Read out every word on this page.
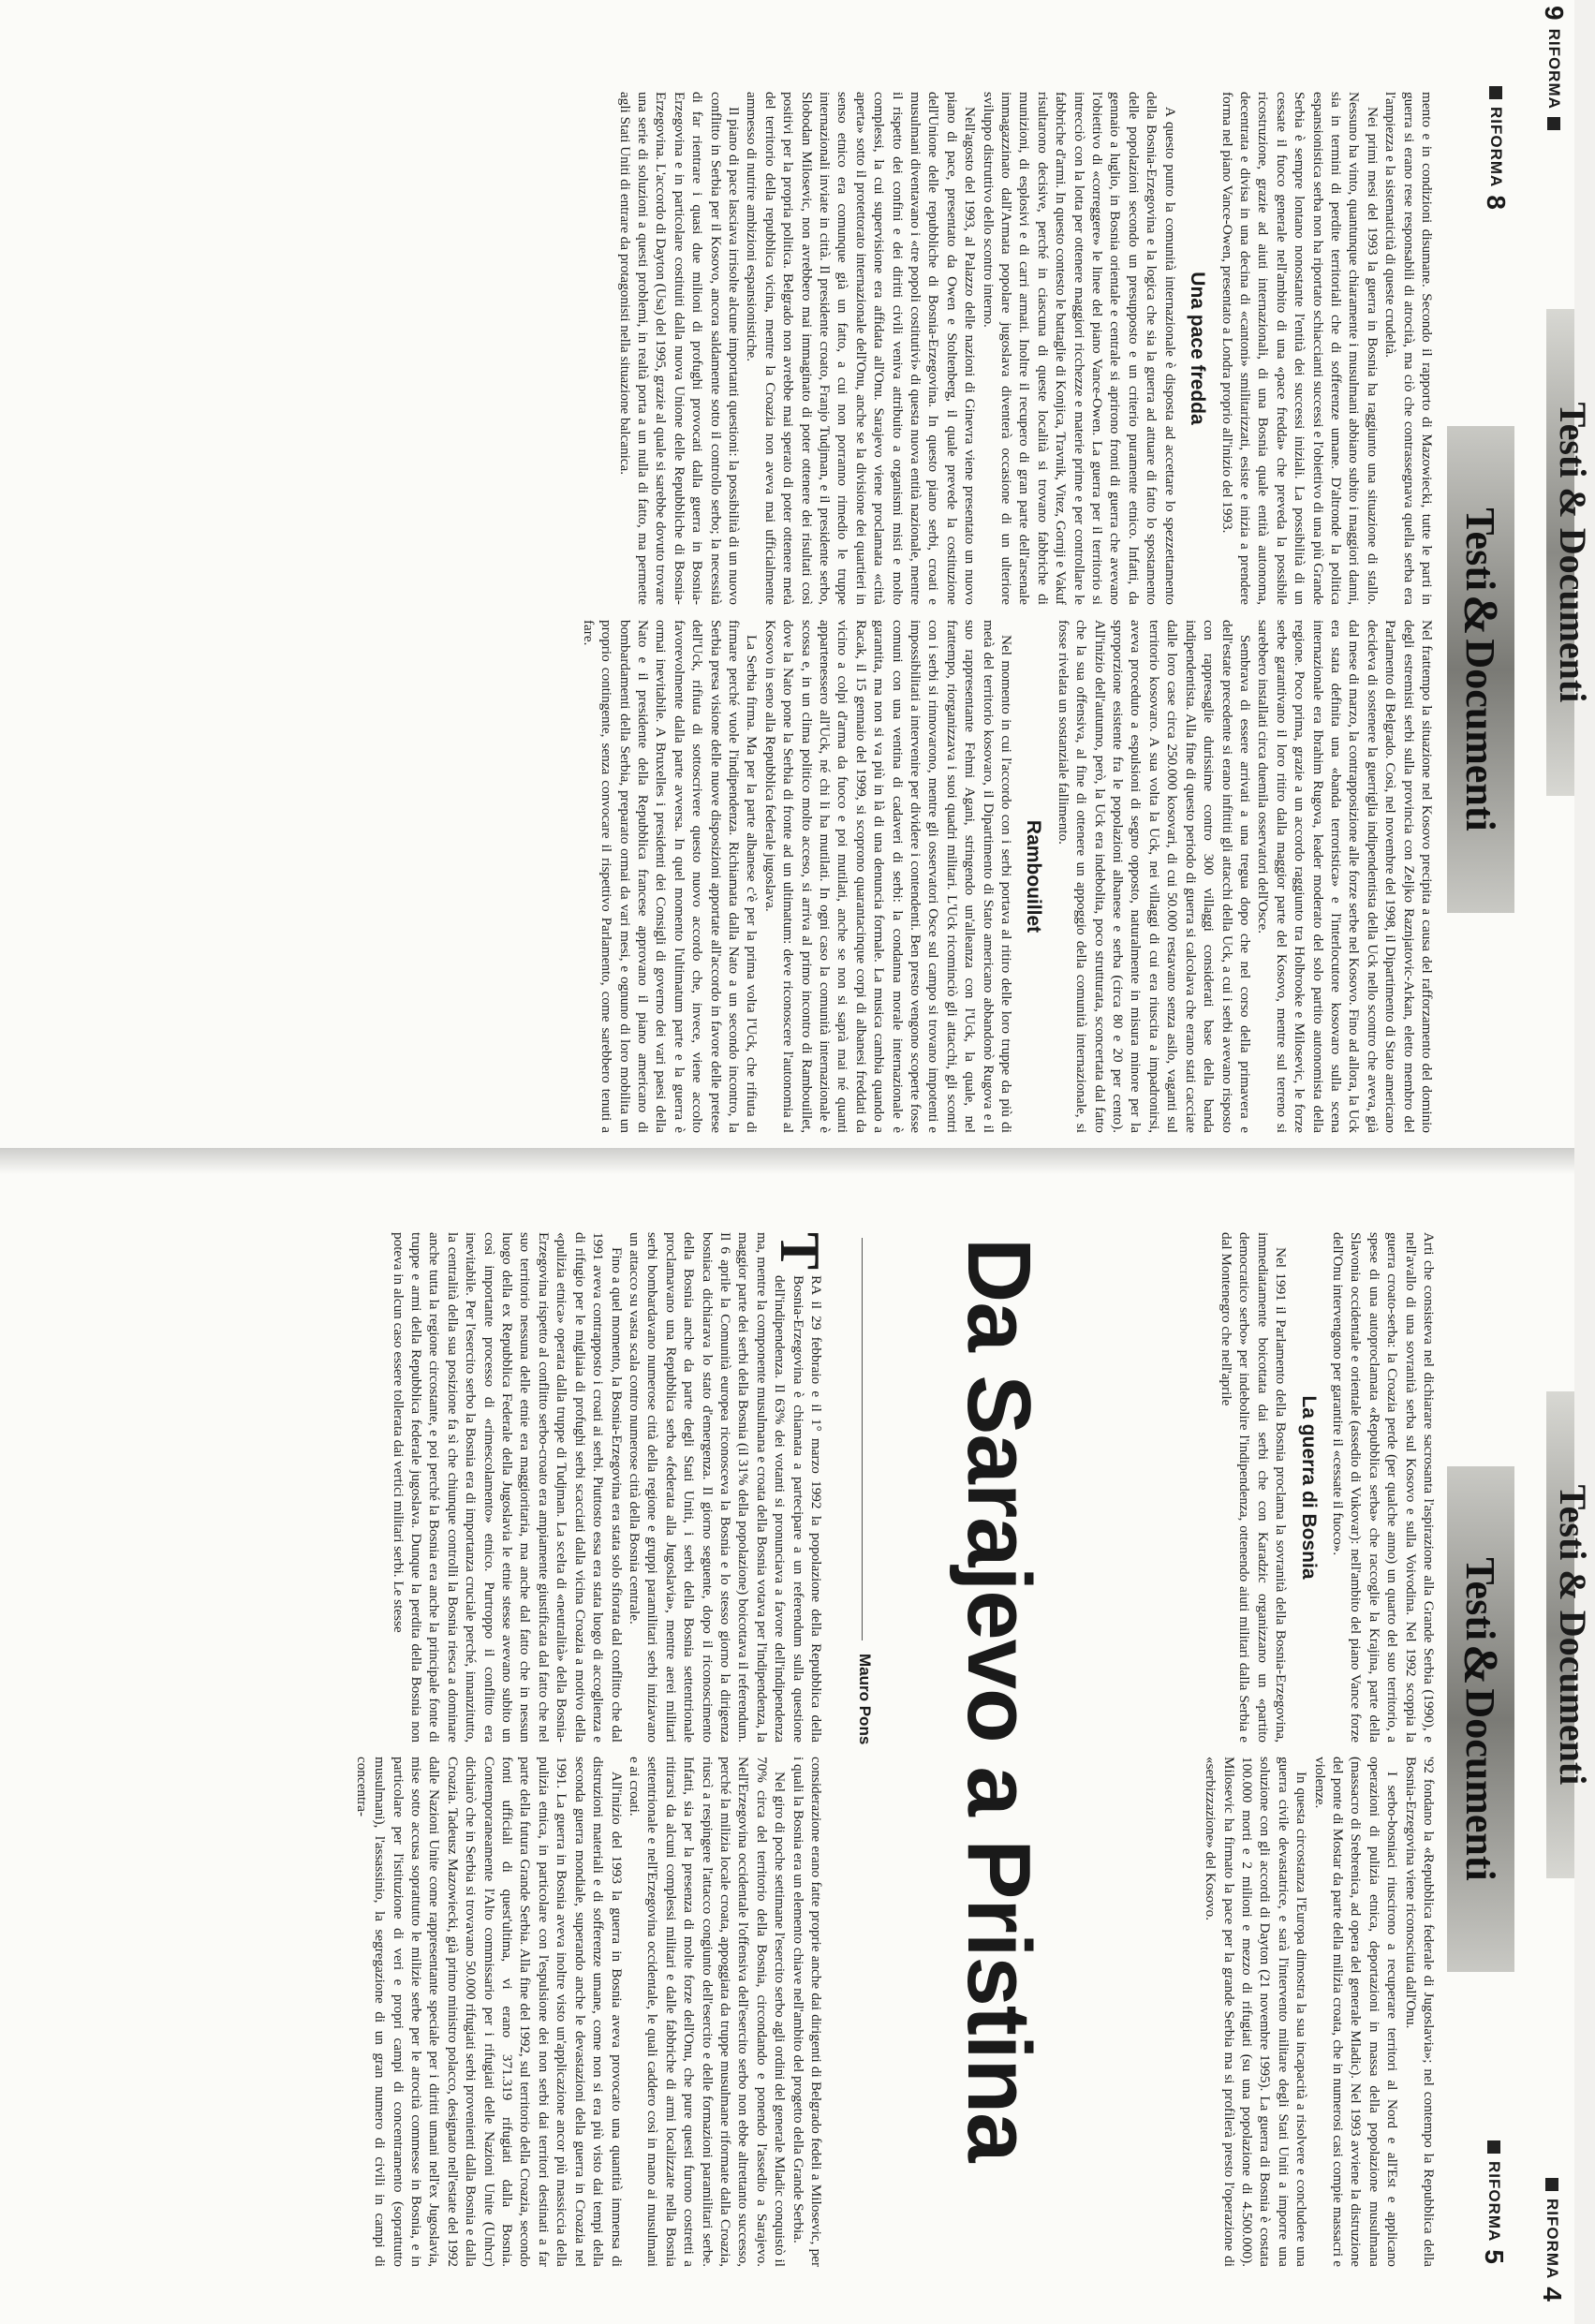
9
RIFORMA
Testi & Documenti
RIFORMA
8
Testi
&
Documenti

mento e in condizioni disumane. Secondo il rapporto di Mazowiecki, tutte le parti in guerra si erano rese responsabili di atrocità, ma ciò che contrassegnava quella serba era l'ampiezza e la sistematicità di queste crudeltà.

Nei primi mesi del 1993 la guerra in Bosnia ha raggiunto una situazione di stallo. Nessuno ha vinto, quantunque chiaramente i musulmani abbiano subito i maggiori danni, sia in termini di perdite territoriali che di sofferenze umane. D'altronde la politica espansionistica serba non ha riportato schiaccianti successi e l'obiettivo di una più Grande Serbia è sempre lontano nonostante l'entità dei successi iniziali. La possibilità di un cessate il fuoco generale nell'ambito di una «pace fredda» che preveda la possibile ricostruzione, grazie ad aiuti internazionali, di una Bosnia quale entità autonoma, decentrata e divisa in una decina di «cantoni» smilitarizzati, esiste e inizia a prendere forma nel piano Vance-Owen, presentato a Londra proprio all'inizio del 1993.

Una pace fredda

A questo punto la comunità internazionale è disposta ad accettare lo spezzettamento della Bosnia-Erzegovina e la logica che sia la guerra ad attuare di fatto lo spostamento delle popolazioni secondo un presupposto e un criterio puramente etnico. Infatti, da gennaio a luglio, in Bosnia orientale e centrale si aprirono fronti di guerra che avevano l'obiettivo di «correggere» le linee del piano Vance-Owen. La guerra per il territorio si intrecciò con la lotta per ottenere maggiori ricchezze e materie prime e per controllare le fabbriche d'armi. In questo contesto le battaglie di Konjica, Travnik, Vitez, Gornji e Vakuf risultarono decisive, perché in ciascuna di queste località si trovano fabbriche di munizioni, di esplosivi e di carri armati. Inoltre il recupero di gran parte dell'arsenale immagazzinato dall'Armata popolare jugoslava diventerà occasione di un ulteriore sviluppo distruttivo dello scontro interno.

Nell'agosto del 1993, al Palazzo delle nazioni di Ginevra viene presentato un nuovo piano di pace, presentato da Owen e Stoltenberg, il quale prevede la costituzione dell'Unione delle repubbliche di Bosnia-Erzegovina. In questo piano serbi, croati e musulmani diventavano i «tre popoli costitutivi» di questa nuova entità nazionale, mentre il rispetto dei confini e dei diritti civili veniva attribuito a organismi misti e molto complessi, la cui supervisione era affidata all'Onu. Sarajevo viene proclamata «città aperta» sotto il protettorato internazionale dell'Onu, anche se la divisione dei quartieri in senso etnico era comunque già un fatto, a cui non porranno rimedio le truppe internazionali inviate in città. Il presidente croato, Franjo Tudjman, e il presidente serbo, Slobodan Milosevic, non avrebbero mai immaginato di poter ottenere dei risultati così positivi per la propria politica. Belgrado non avrebbe mai sperato di poter ottenere metà del territorio della repubblica vicina, mentre la Croazia non aveva mai ufficialmente ammesso di nutrire ambizioni espansionistiche.

Il piano di pace lasciava irrisolte alcune importanti questioni: la possibilità di un nuovo conflitto in Serbia per il Kosovo, ancora saldamente sotto il controllo serbo; la necessità di far rientrare i quasi due milioni di profughi provocati dalla guerra in Bosnia-Erzegovina e in particolare costituiti dalla nuova Unione delle Repubbliche di Bosnia-Erzegovina. L'accordo di Dayton (Usa) del 1995, grazie al quale si sarebbe dovuto trovare una serie di soluzioni a questi problemi, in realtà porta a un nulla di fatto, ma permette agli Stati Uniti di entrare da protagonisti nella situazione balcanica.

Nel frattempo la situazione nel Kosovo precipita a causa del rafforzamento del dominio degli estremisti serbi sulla provincia con Zeljko Raznjatovic-Arkan, eletto membro del Parlamento di Belgrado. Così, nel novembre del 1998, il Dipartimento di Stato americano decideva di sostenere la guerriglia indipendentista della Uck nello scontro che aveva, già dal mese di marzo, la contrapposizione alle forze serbe nel Kosovo. Fino ad allora, la Uck era stata definita una «banda terroristica» e l'interlocutore kosovaro sulla scena internazionale era Ibrahim Rugova, leader moderato del solo partito autonomista della regione. Poco prima, grazie a un accordo raggiunto tra Holbrooke e Milosevic, le forze serbe garantivano il loro ritiro dalla maggior parte del Kosovo, mentre sul terreno si sarebbero installati circa duemila osservatori dell'Osce.

Sembrava di essere arrivati a una tregua dopo che nel corso della primavera e dell'estate precedente si erano infittiti gli attacchi della Uck, a cui i serbi avevano risposto con rappresaglie durissime contro 300 villaggi considerati base della banda indipendentista. Alla fine di questo periodo di guerra si calcolava che erano stati cacciate dalle loro case circa 250.000 kosovari, di cui 50.000 restavano senza asilo, vaganti sul territorio kosovaro. A sua volta la Uck, nei villaggi di cui era riuscita a impadronirsi, aveva proceduto a espulsioni di segno opposto, naturalmente in misura minore per la sproporzione esistente fra le popolazioni albanese e serba (circa 80 e 20 per cento). All'inizio dell'autunno, però, la Uck era indebolita, poco strutturata, sconcertata dal fatto che la sua offensiva, al fine di ottenere un appoggio della comunità internazionale, si fosse rivelata un sostanziale fallimento.

Rambouillet

Nel momento in cui l'accordo con i serbi portava al ritiro delle loro truppe da più di metà del territorio kosovaro, il Dipartimento di Stato americano abbandonò Rugova e il suo rappresentante Fehmi Agani, stringendo un'alleanza con l'Uck, la quale, nel frattempo, riorganizzava i suoi quadri militari. L'Uck ricominciò gli attacchi, gli scontri con i serbi si rinnovarono, mentre gli osservatori Osce sul campo si trovano impotenti e impossibilitati a intervenire per dividere i contendenti. Ben presto vengono scoperte fosse comuni con una ventina di cadaveri di serbi: la condanna morale internazionale è garantita, ma non si va più in là di una denuncia formale. La musica cambia quando a Racak, il 15 gennaio del 1999, si scoprono quarantacinque corpi di albanesi freddati da vicino a colpi d'arma da fuoco e poi mutilati, anche se non si saprà mai né quanti appartenessero all'Uck, né chi li ha mutilati. In ogni caso la comunità internazionale è scossa e, in un clima politico molto acceso, si arriva al primo incontro di Rambouillet, dove la Nato pone la Serbia di fronte ad un ultimatum: deve riconoscere l'autonomia al Kosovo in seno alla Repubblica federale jugoslava.

La Serbia firma. Ma per la parte albanese c'è per la prima volta l'Uck, che rifiuta di firmare perché vuole l'indipendenza. Richiamata dalla Nato a un secondo incontro, la Serbia presa visione delle nuove disposizioni apportate all'accordo in favore delle pretese dell'Uck, rifiuta di sottoscrivere questo nuovo accordo che, invece, viene accolto favorevolmente dalla parte avversa. In quel momento l'ultimatum parte e la guerra è ormai inevitabile. A Bruxelles i presidenti dei Consigli di governo dei vari paesi della Nato e il presidente della Repubblica francese approvano il piano americano di bombardamenti della Serbia, preparato ormai da vari mesi, e ognuno di loro mobilita un proprio contingente, senza convocare il rispettivo Parlamento, come sarebbero tenuti a fare.

Testi
&
Documenti
Testi & Documenti
RIFORMA
4
RIFORMA
5

Arti che consisteva nel dichiarare sacrosanta l'aspirazione alla Grande Serbia (1990), e nell'avallo di una sovranità serba sul Kosovo e sulla Voivodina. Nel 1992 scoppia la guerra croato-serba: la Croazia perde (per qualche anno) un quarto del suo territorio, a spese di una autoproclamata «Repubblica serba» che raccoglie la Krajina, parte della Slavonia occidentale e orientale (assedio di Vukovar): nell'ambito del piano Vance forze dell'Onu intervengono per garantire il «cessate il fuoco».

La guerra di Bosnia

Nel 1991 il Parlamento della Bosnia proclama la sovranità della Bosnia-Erzegovina, immediatamente boicottata dai serbi che con Karadzic organizzano un «partito democratico serbo» per indebolire l'indipendenza, ottenendo aiuti militari dalla Serbia e dal Montenegro che nell'aprile

'92 fondano la «Repubblica federale di Jugoslavia»; nel contempo la Repubblica della Bosnia-Erzegovina viene riconosciuta dall'Onu.

I serbo-bosniaci riuscirono a recuperare territori al Nord e all'Est e applicano operazioni di pulizia etnica, deportazioni in massa della popolazione musulmana (massacro di Srebrenica, ad opera del generale Mladic). Nel 1993 avviene la distruzione del ponte di Mostar da parte della milizia croata, che in numerosi casi compie massacri e violenze.

In questa circostanza l'Europa dimostra la sua incapacità a risolvere e concludere una guerra civile devastatrice, e sarà l'intervento militare degli Stati Uniti a imporre una soluzione con gli accordi di Dayton (21 novembre 1995). La guerra di Bosnia è costata 100.000 morti e 2 milioni e mezzo di rifugiati (su una popolazione di 4.500.000). Milosevic ha firmato la pace per la grande Serbia ma si profilerà presto l'operazione di «serbizzazione» del Kosovo.

Da Sarajevo a Pristina
Mauro Pons

T
RA il 29 febbraio e il 1° marzo 1992 la popolazione della Repubblica della Bosnia-Erzegovina è chiamata a partecipare a un referendum sulla questione dell'indipendenza. Il 63% dei votanti si pronunciava a favore dell'indipendenza ma, mentre la componente musulmana e croata della Bosnia votava per l'indipendenza, la maggior parte dei serbi della Bosnia (il 31% della popolazione) boicottava il referendum. Il 6 aprile la Comunità europea riconosceva la Bosnia e lo stesso giorno la dirigenza bosniaca dichiarava lo stato d'emergenza. Il giorno seguente, dopo il riconoscimento della Bosnia anche da parte degli Stati Uniti, i serbi della Bosnia settentrionale proclamavano una Repubblica serba «federata alla Jugoslavia», mentre aerei militari serbi bombardavano numerose città della regione e gruppi paramilitari serbi iniziavano un attacco su vasta scala contro numerose città della Bosnia centrale.

Fino a quel momento, la Bosnia-Erzegovina era stata solo sfiorata dal conflitto che dal 1991 aveva contrapposto i croati ai serbi. Piuttosto essa era stata luogo di accoglienza e di rifugio per le migliaia di profughi serbi scacciati dalla vicina Croazia a motivo della «pulizia etnica» operata dalla truppe di Tudjman. La scelta di «neutralità» della Bosnia-Erzegovina rispetto al conflitto serbo-croato era ampiamente giustificata dal fatto che nel suo territorio nessuna delle etnie era maggioritaria, ma anche dal fatto che in nessun luogo della ex Repubblica Federale della Jugoslavia le etnie stesse avevano subito un così importante processo di «rimescolamento» etnico. Purtroppo il conflitto era inevitabile. Per l'esercito serbo la Bosnia era di importanza cruciale perché, innanzitutto, la centralità della sua posizione fa sì che chiunque controlli la Bosnia riesca a dominare anche tutta la regione circostante, e poi perché la Bosnia era anche la principale fonte di truppe e armi della Repubblica federale jugoslava. Dunque la perdita della Bosnia non poteva in alcun caso essere tollerata dai vertici militari serbi. Le stesse

considerazione erano fatte proprie anche dai dirigenti di Belgrado fedeli a Milosevic, per i quali la Bosnia era un elemento chiave nell'ambito del progetto della Grande Serbia.

Nel giro di poche settimane l'esercito serbo agli ordini del generale Mladic conquistò il 70% circa del territorio della Bosnia, circondando e ponendo l'assedio a Sarajevo. Nell'Erzegovina occidentale l'offensiva dell'esercito serbo non ebbe altrettanto successo, perché la milizia locale croata, appoggiata da truppe musulmane riformate dalla Croazia, riuscì a respingere l'attacco congiunto dell'esercito e delle formazioni paramilitari serbe. Infatti, sia per la presenza di molte forze dell'Onu, che pure questi furono costretti a ritirarsi da alcuni complessi militari e dalle fabbriche di armi localizzate nella Bosnia settentrionale e nell'Erzegovina occidentale, le quali caddero così in mano ai musulmani e ai croati.

All'inizio del 1993 la guerra in Bosnia aveva provocato una quantità immensa di distruzioni materiali e di sofferenze umane, come non si era più visto dai tempi della seconda guerra mondiale, superando anche le devastazioni della guerra in Croazia nel 1991. La guerra in Bosnia aveva inoltre visto un'applicazione ancor più massiccia della pulizia etnica, in particolare con l'espulsione dei non serbi dai territori destinati a far parte della futura Grande Serbia. Alla fine del 1992, sul territorio della Croazia, secondo fonti ufficiali di quest'ultima, vi erano 371.319 rifugiati dalla Bosnia. Contemporaneamente l'Alto commissario per i rifugiati delle Nazioni Unite (Unhcr) dichiarò che in Serbia si trovavano 50.000 rifugiati serbi provenienti dalla Bosnia e dalla Croazia. Tadeusz Mazowiecki, già primo ministro polacco, designato nell'estate del 1992 dalle Nazioni Unite come rappresentante speciale per i diritti umani nell'ex Jugoslavia, mise sotto accusa soprattutto le milizie serbe per le atrocità commesse in Bosnia, e in particolare per l'istituzione di veri e propri campi di concentramento (soprattutto musulmani), l'assassinio, la segregazione di un gran numero di civili in campi di concentra-
